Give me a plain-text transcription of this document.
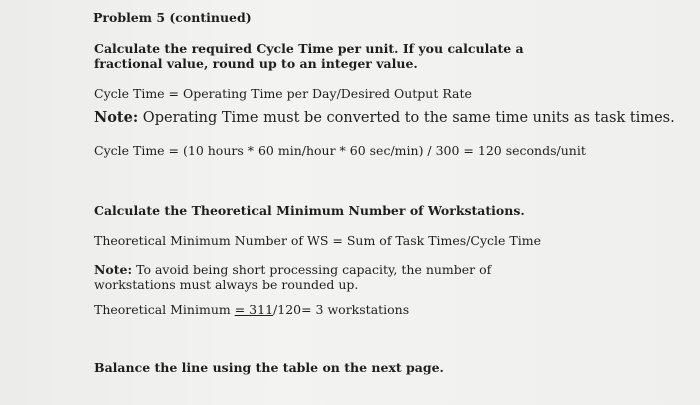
Problem 5 (continued)
Calculate the required Cycle Time per unit. If you calculate a fractional value, round up to an integer value.
Cycle Time = Operating Time per Day/Desired Output Rate
Note: Operating Time must be converted to the same time units as task times.
Cycle Time = (10 hours * 60 min/hour * 60 sec/min) / 300 = 120 seconds/unit
Calculate the Theoretical Minimum Number of Workstations.
Theoretical Minimum Number of WS = Sum of Task Times/Cycle Time
Note: To avoid being short processing capacity, the number of workstations must always be rounded up.
Theoretical Minimum = 311/120= 3 workstations
Balance the line using the table on the next page.
